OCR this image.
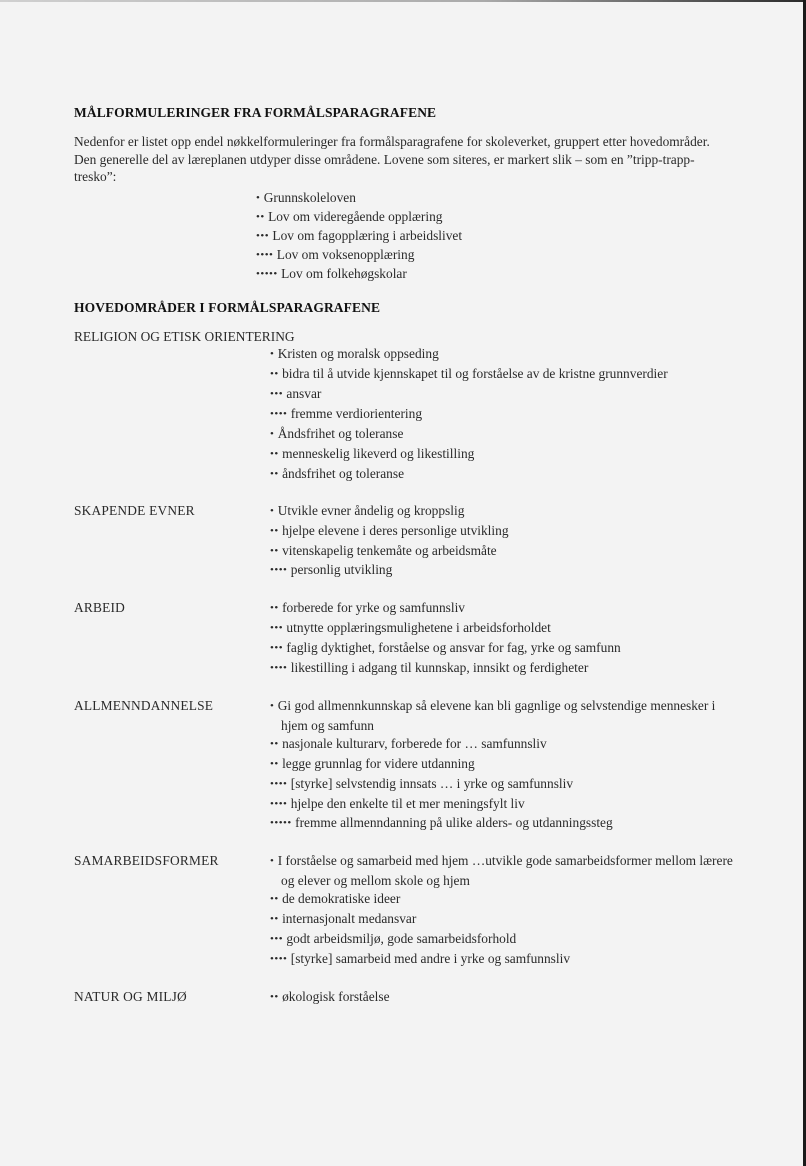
MÅLFORMULERINGER FRA FORMÅLSPARAGRAFENE
Nedenfor er listet opp endel nøkkelformuleringer fra formålsparagrafene for skoleverket, gruppert etter hovedområder. Den generelle del av læreplanen utdyper disse områdene. Lovene som siteres, er markert slik – som en ”tripp-trapp-tresko”:
• Grunnskoleloven
•• Lov om videregående opplæring
••• Lov om fagopplæring i arbeidslivet
•••• Lov om voksenopplæring
••••• Lov om folkehøgskolar
HOVEDOMRÅDER I FORMÅLSPARAGRAFENE
RELIGION OG ETISK ORIENTERING
• Kristen og moralsk oppseding
•• bidra til å utvide kjennskapet til og forståelse av de kristne grunnverdier
••• ansvar
•••• fremme verdiorientering
• Åndsfrihet og toleranse
•• menneskelig likeverd og likestilling
•• åndsfrihet og toleranse
SKAPENDE EVNER	• Utvikle evner åndelig og kroppslig
•• hjelpe elevene i deres personlige utvikling
•• vitenskapelig tenkemåte og arbeidsmåte
•••• personlig utvikling
ARBEID	•• forberede for yrke og samfunnsliv
••• utnytte opplæringsmulighetene i arbeidsforholdet
••• faglig dyktighet, forståelse og ansvar for fag, yrke og samfunn
•••• likestilling i adgang til kunnskap, innsikt og ferdigheter
ALLMENNDANNELSE	• Gi god allmennkunnskap så elevene kan bli gagnlige og selvstendige mennesker i hjem og samfunn
•• nasjonale kulturarv, forberede for … samfunnsliv
•• legge grunnlag for videre utdanning
•••• [styrke] selvstendig innsats … i yrke og samfunnsliv
•••• hjelpe den enkelte til et mer meningsfylt liv
••••• fremme allmenndanning på ulike alders- og utdanningssteg
SAMARBEIDSFORMER	• I forståelse og samarbeid med hjem …utvikle gode samarbeidsformer mellom lærere og elever og mellom skole og hjem
•• de demokratiske ideer
•• internasjonalt medansvar
••• godt arbeidsmiljø, gode samarbeidsforhold
•••• [styrke] samarbeid med andre i yrke og samfunnsliv
NATUR OG MILJØ	•• økologisk forståelse
